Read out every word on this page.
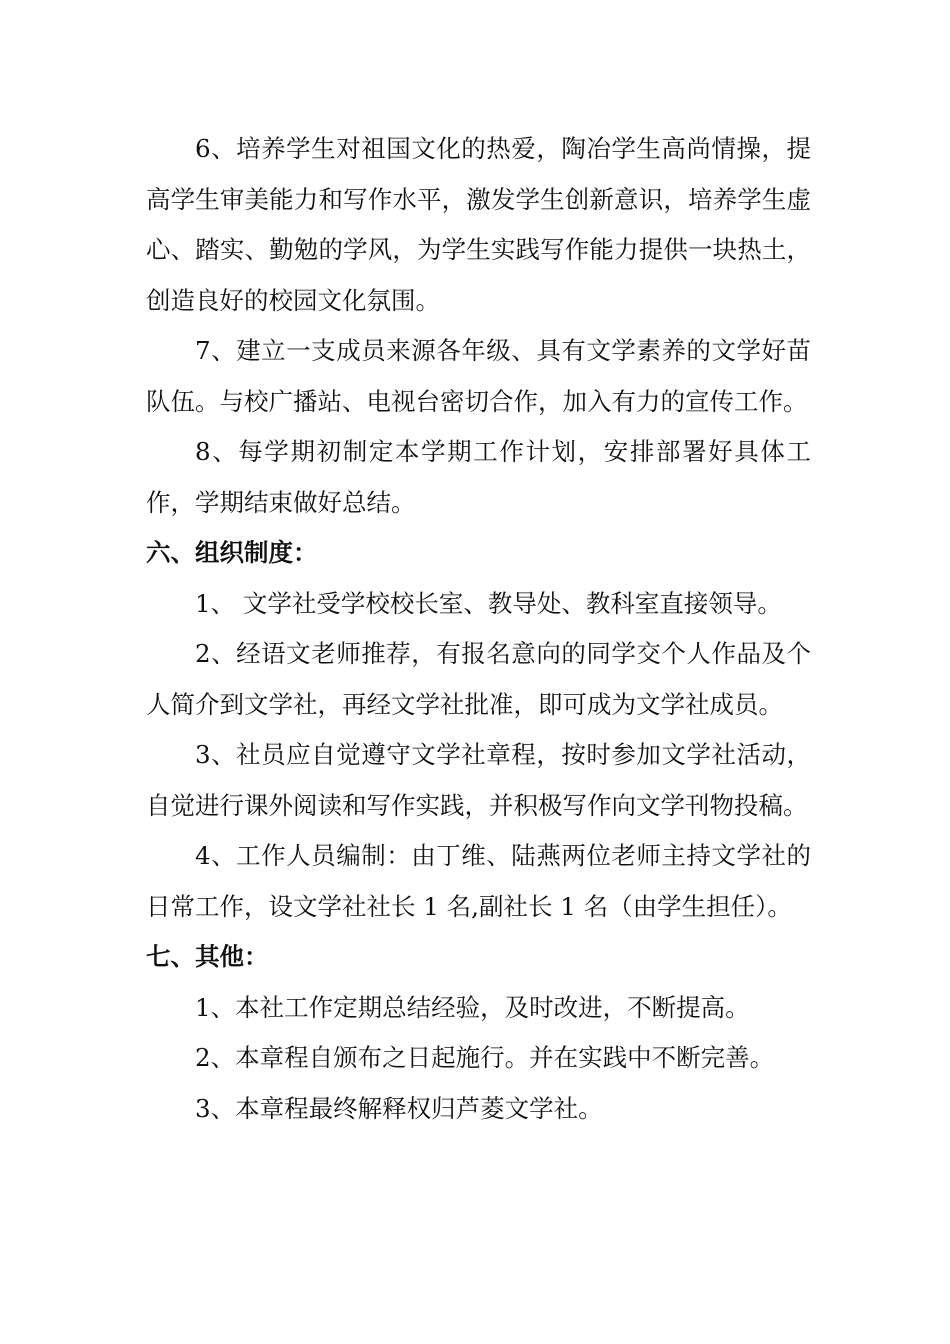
6、培养学生对祖国文化的热爱，陶冶学生高尚情操，提高学生审美能力和写作水平，激发学生创新意识，培养学生虚心、踏实、勤勉的学风，为学生实践写作能力提供一块热土，创造良好的校园文化氛围。

7、建立一支成员来源各年级、具有文学素养的文学好苗队伍。与校广播站、电视台密切合作，加入有力的宣传工作。

8、每学期初制定本学期工作计划，安排部署好具体工作，学期结束做好总结。

六、组织制度：

1、 文学社受学校校长室、教导处、教科室直接领导。

2、经语文老师推荐，有报名意向的同学交个人作品及个人简介到文学社，再经文学社批准，即可成为文学社成员。

3、社员应自觉遵守文学社章程，按时参加文学社活动，自觉进行课外阅读和写作实践，并积极写作向文学刊物投稿。

4、工作人员编制：由丁维、陆燕两位老师主持文学社的日常工作，设文学社社长 1 名,副社长 1 名（由学生担任）。

七、其他：

1、本社工作定期总结经验，及时改进，不断提高。

2、本章程自颁布之日起施行。并在实践中不断完善。

3、本章程最终解释权归芦菱文学社。
